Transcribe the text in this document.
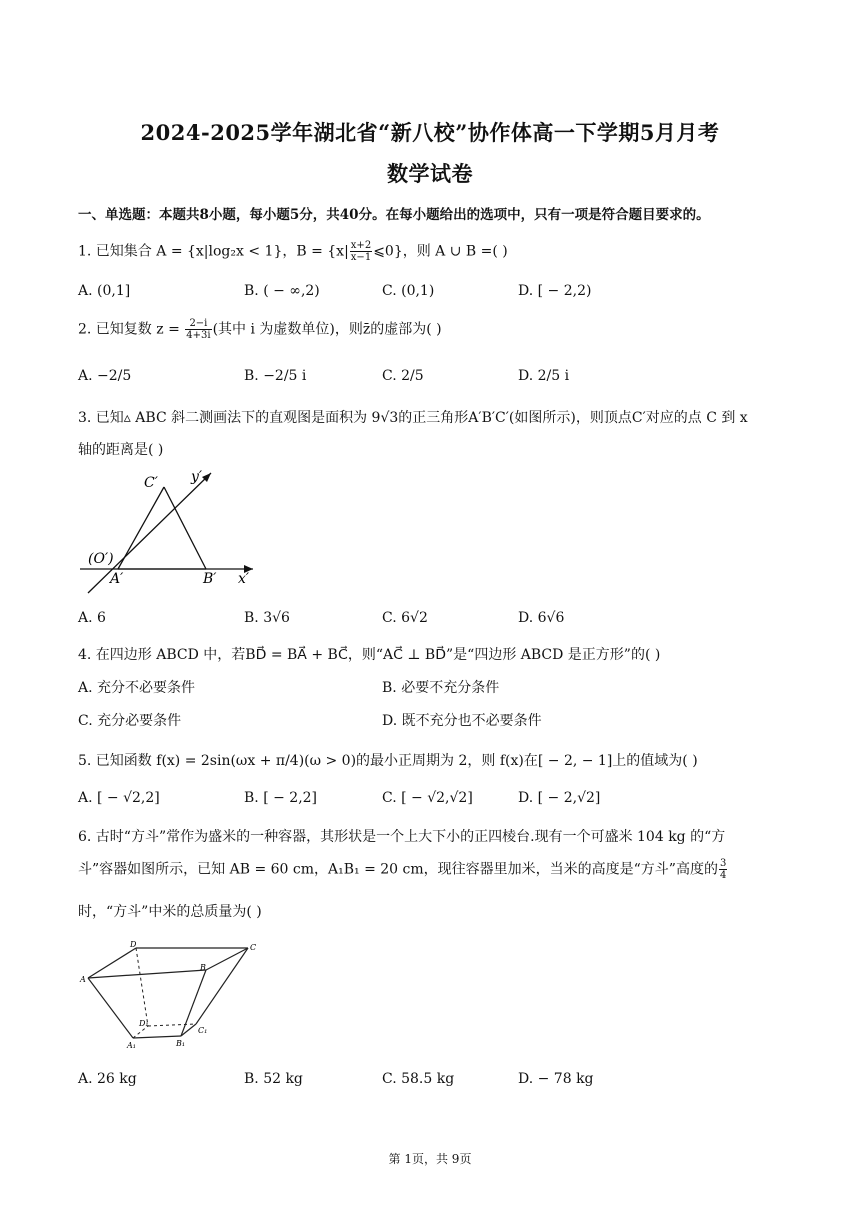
2024-2025学年湖北省“新八校”协作体高一下学期5月月考
数学试卷
一、单选题：本题共8小题，每小题5分，共40分。在每小题给出的选项中，只有一项是符合题目要求的。
1. 已知集合 A = {x|log₂x < 1}，$B = \{x| \frac{x+2}{x-1}$ ⩽0}，则 A ∪ B =( )
A. (0,1]	B. ( − ∞,2)	C. (0,1)	D. [ − 2,2)
2. 已知复数 $z = \frac{2-i}{4+3i}$ (其中 i 为虚数单位)，则z̄的虚部为( )
A. −2/5	B. −2/5 i	C. 2/5	D. 2/5 i
3. 已知▵ ABC 斜二测画法下的直观图是面积为 9√3的正三角形A′B′C′(如图所示)，则顶点C′对应的点 C 到 x
轴的距离是( )
C′ y′
(O′)
A′	B′ x′
A. 6	B. 3√6	C. 6√2	D. 6√6
4. 在四边形 ABCD 中，若BD⃗ = BA⃗ + BC⃗，则“AC⃗ ⊥ BD⃗”是“四边形 ABCD 是正方形”的( )
A. 充分不必要条件	B. 必要不充分条件
C. 充分必要条件	D. 既不充分也不必要条件
5. 已知函数 f(x) = 2sin(ωx + π/4)(ω > 0)的最小正周期为 2，则 f(x)在[ − 2, − 1]上的值域为( )
A. [ − √2,2]	B. [ − 2,2]	C. [ − √2,√2]	D. [ − 2,√2]
6. 古时“方斗”常作为盛米的一种容器，其形状是一个上大下小的正四棱台.现有一个可盛米 104 kg 的“方
斗”容器如图所示，已知 AB = 60 cm，A₁B₁ = 20 cm，现往容器里加米，当米的高度是“方斗”高度的 $\frac{3}{4}$
时，“方斗”中米的总质量为( )
D	C
A
B
D₁
C₁
A₁	B₁
A. 26 kg	B. 52 kg	C. 58.5 kg	D. − 78 kg
第 1页，共 9页
